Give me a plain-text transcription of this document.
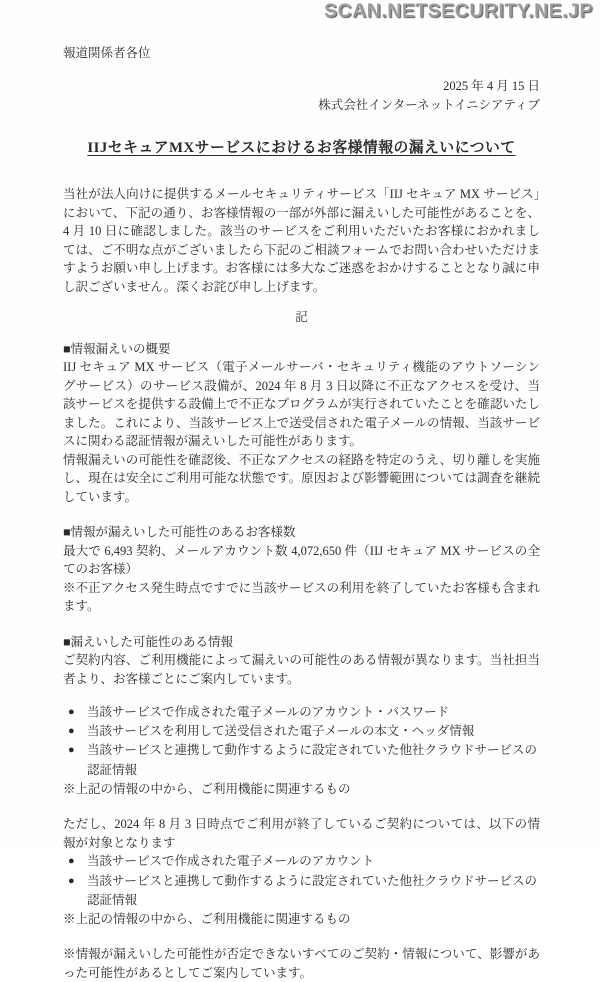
SCAN.NETSECURITY.NE.JP
報道関係者各位
2025 年 4 月 15 日
株式会社インターネットイニシアティブ
IIJセキュアMXサービスにおけるお客様情報の漏えいについて

当社が法人向けに提供するメールセキュリティサービス「IIJ セキュア MX サービス」において、下記の通り、お客様情報の一部が外部に漏えいした可能性があることを、4 月 10 日に確認しました。該当のサービスをご利用いただいたお客様におかれましては、ご不明な点がございましたら下記のご相談フォームでお問い合わせいただけますようお願い申し上げます。お客様には多大なご迷惑をおかけすることとなり誠に申し訳ございません。深くお詫び申し上げます。

記
■情報漏えいの概要

IIJ セキュア MX サービス（電子メールサーバ・セキュリティ機能のアウトソーシングサービス）のサービス設備が、2024 年 8 月 3 日以降に不正なアクセスを受け、当該サービスを提供する設備上で不正なプログラムが実行されていたことを確認いたしました。これにより、当該サービス上で送受信された電子メールの情報、当該サービスに関わる認証情報が漏えいした可能性があります。

情報漏えいの可能性を確認後、不正なアクセスの経路を特定のうえ、切り離しを実施し、現在は安全にご利用可能な状態です。原因および影響範囲については調査を継続しています。

■情報が漏えいした可能性のあるお客様数

最大で 6,493 契約、メールアカウント数 4,072,650 件（IIJ セキュア MX サービスの全てのお客様）

※不正アクセス発生時点ですでに当該サービスの利用を終了していたお客様も含まれます。

■漏えいした可能性のある情報

ご契約内容、ご利用機能によって漏えいの可能性のある情報が異なります。当社担当者より、お客様ごとにご案内しています。

● 当該サービスで作成された電子メールのアカウント・パスワード
● 当該サービスを利用して送受信された電子メールの本文・ヘッダ情報
● 当該サービスと連携して動作するように設定されていた他社クラウドサービスの認証情報

※上記の情報の中から、ご利用機能に関連するもの

ただし、2024 年 8 月 3 日時点でご利用が終了しているご契約については、以下の情報が対象となります

● 当該サービスで作成された電子メールのアカウント
● 当該サービスと連携して動作するように設定されていた他社クラウドサービスの認証情報

※上記の情報の中から、ご利用機能に関連するもの

※情報が漏えいした可能性が否定できないすべてのご契約・情報について、影響があった可能性があるとしてご案内しています。
